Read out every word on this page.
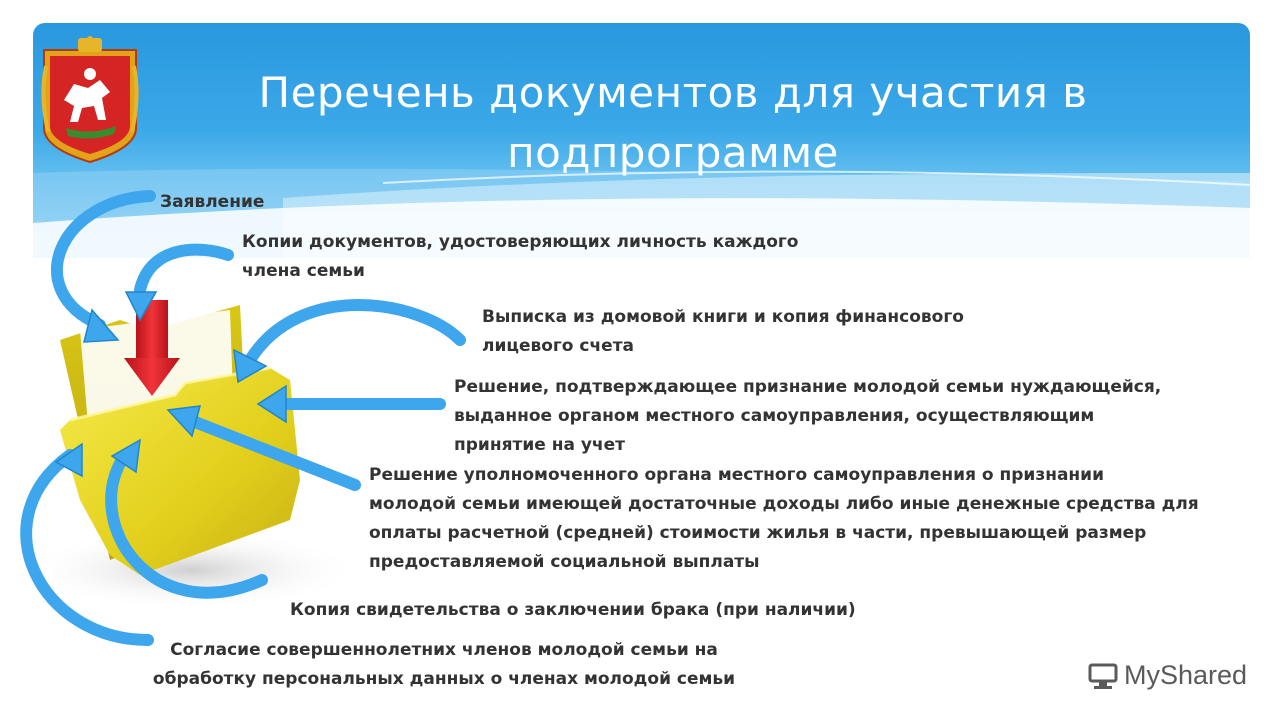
Перечень документов для участия в подпрограмме
Заявление
Копии документов, удостоверяющих личность каждого
члена семьи
Выписка из домовой книги и копия финансового
лицевого счета
Решение, подтверждающее признание молодой семьи нуждающейся,
выданное органом местного самоуправления, осуществляющим
принятие на учет
Решение уполномоченного органа местного самоуправления о признании
молодой семьи имеющей достаточные доходы либо иные денежные средства для
оплаты расчетной (средней) стоимости жилья в части, превышающей размер
предоставляемой социальной выплаты
Копия свидетельства о заключении брака (при наличии)
Согласие совершеннолетних членов молодой семьи на
обработку персональных данных о членах молодой семьи	MyShared
